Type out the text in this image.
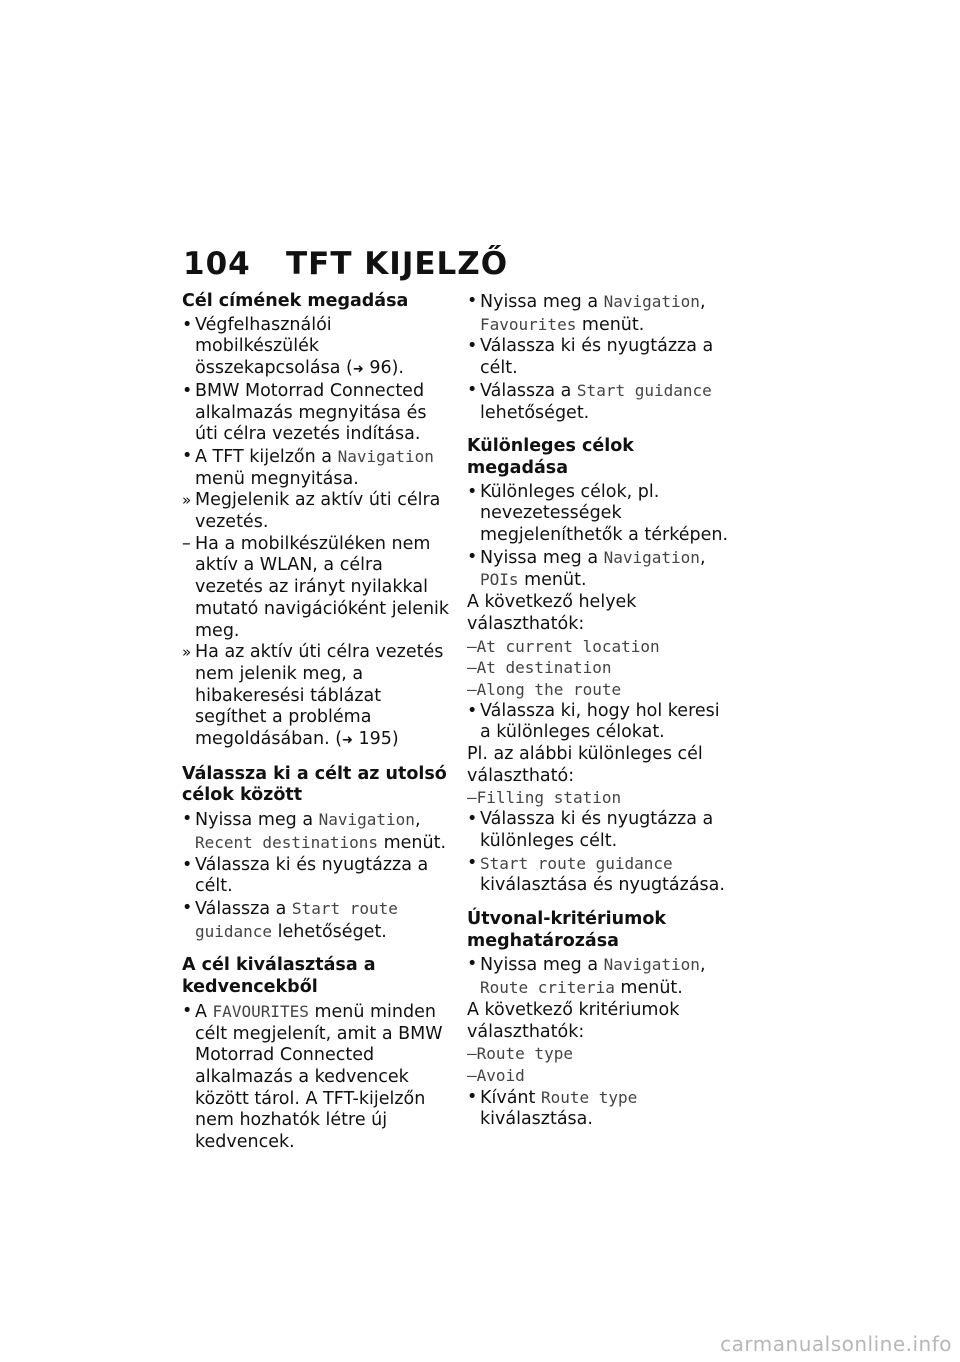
104 TFT KIJELZŐ
Cél címének megadása
• Végfelhasználói mobilkészülék összekapcsolása (➜ 96).
• BMW Motorrad Connected alkalmazás megnyitása és úti célra vezetés indítása.
• A TFT kijelzőn a Navigation menü megnyitása.
» Megjelenik az aktív úti célra vezetés.
– Ha a mobilkészüléken nem aktív a WLAN, a célra vezetés az irányt nyilakkal mutató navigációként jelenik meg.
» Ha az aktív úti célra vezetés nem jelenik meg, a hibakeresési táblázat segíthet a probléma megoldásában. (➜ 195)
Válassza ki a célt az utolsó célok között
• Nyissa meg a Navigation, Recent destinations menüt.
• Válassza ki és nyugtázza a célt.
• Válassza a Start route guidance lehetőséget.
A cél kiválasztása a kedvencekből
• A FAVOURITES menü minden célt megjelenít, amit a BMW Motorrad Connected alkalmazás a kedvencek között tárol. A TFT-kijelzőn nem hozhatók létre új kedvencek.
• Nyissa meg a Navigation, Favourites menüt.
• Válassza ki és nyugtázza a célt.
• Válassza a Start guidance lehetőséget.
Különleges célok megadása
• Különleges célok, pl. nevezetességek megjeleníthetők a térképen.
• Nyissa meg a Navigation, POIs menüt.

A következő helyek választhatók:

–At current location
–At destination
–Along the route
• Válassza ki, hogy hol keresi a különleges célokat.

Pl. az alábbi különleges cél választható:

–Filling station
• Válassza ki és nyugtázza a különleges célt.
• Start route guidance kiválasztása és nyugtázása.
Útvonal-kritériumok meghatározása
• Nyissa meg a Navigation, Route criteria menüt.

A következő kritériumok választhatók:

–Route type
–Avoid
• Kívánt Route type kiválasztása.
carmanualsonline.info
